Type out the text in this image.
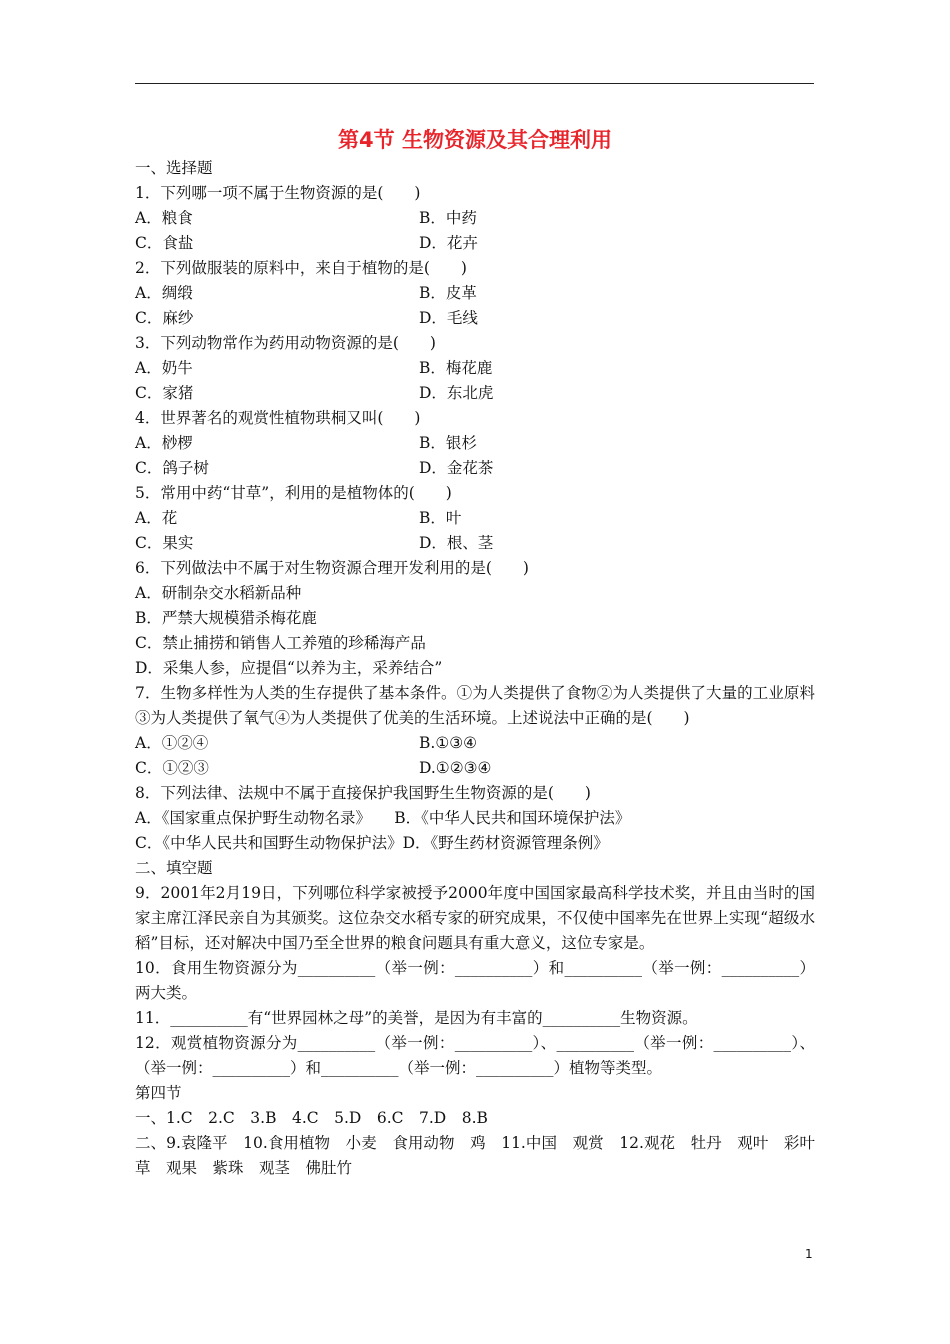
第4节 生物资源及其合理利用
一、选择题
1．下列哪一项不属于生物资源的是(　　)
A．粮食	B．中药
C．食盐	D．花卉
2．下列做服装的原料中，来自于植物的是(　　)
A．绸缎	B．皮革
C．麻纱	D．毛线
3．下列动物常作为药用动物资源的是(　　)
A．奶牛	B．梅花鹿
C．家猪	D．东北虎
4．世界著名的观赏性植物珙桐又叫(　　)
A．桫椤	B．银杉
C．鸽子树	D．金花茶
5．常用中药“甘草”，利用的是植物体的(　　)
A．花	B．叶
C．果实	D．根、茎
6．下列做法中不属于对生物资源合理开发利用的是(　　)
A．研制杂交水稻新品种
B．严禁大规模猎杀梅花鹿
C．禁止捕捞和销售人工养殖的珍稀海产品
D．采集人参，应提倡“以养为主，采养结合”
7．生物多样性为人类的生存提供了基本条件。①为人类提供了食物②为人类提供了大量的工业原料③为人类提供了氧气④为人类提供了优美的生活环境。上述说法中正确的是(　　)
A．①②④	B.①③④
C．①②③	D.①②③④
8．下列法律、法规中不属于直接保护我国野生生物资源的是(　　)
A．《国家重点保护野生动物名录》　　 B．《中华人民共和国环境保护法》
C．《中华人民共和国野生动物保护法》D．《野生药材资源管理条例》
二、填空题
9．2001年2月19日，下列哪位科学家被授予2000年度中国国家最高科学技术奖，并且由当时的国家主席江泽民亲自为其颁奖。这位杂交水稻专家的研究成果，不仅使中国率先在世界上实现“超级水稻”目标，还对解决中国乃至全世界的粮食问题具有重大意义，这位专家是。
10．食用生物资源分为__________（举一例：__________）和__________（举一例：__________）两大类。
11．__________有“世界园林之母”的美誉，是因为有丰富的__________生物资源。
12．观赏植物资源分为__________（举一例：__________）、__________（举一例：__________）、（举一例：__________）和__________（举一例：__________）植物等类型。
第四节
一、1.C　2.C　3.B　4.C　5.D　6.C　7.D　8.B
二、9.袁隆平　10.食用植物　小麦　食用动物　鸡　11.中国　观赏　12.观花　牡丹　观叶　彩叶草　观果　紫珠　观茎　佛肚竹
1
